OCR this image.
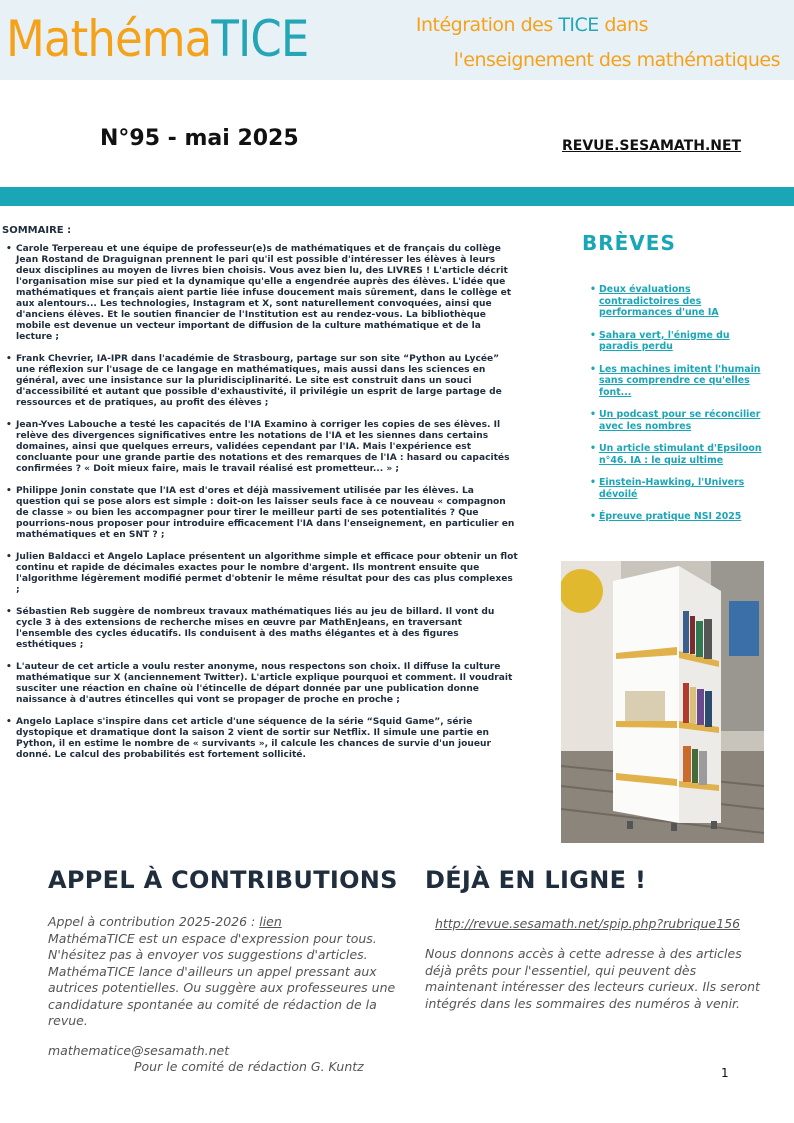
MathémaTICE	Intégration des TICE dans
l'enseignement des mathématiques
N°95 - mai 2025	REVUE.SESAMATH.NET
SOMMAIRE :
• Carole Terpereau et une équipe de professeur(e)s de mathématiques et de français du collège Jean Rostand de Draguignan prennent le pari qu'il est possible d'intéresser les élèves à leurs deux disciplines au moyen de livres bien choisis. Vous avez bien lu, des LIVRES ! L'article décrit l'organisation mise sur pied et la dynamique qu'elle a engendrée auprès des élèves. L'idée que mathématiques et français aient partie liée infuse doucement mais sûrement, dans le collège et aux alentours... Les technologies, Instagram et X, sont naturellement convoquées, ainsi que d'anciens élèves. Et le soutien financier de l'Institution est au rendez-vous. La bibliothèque mobile est devenue un vecteur important de diffusion de la culture mathématique et de la lecture ;
• Frank Chevrier, IA-IPR dans l'académie de Strasbourg, partage sur son site “Python au Lycée” une réflexion sur l'usage de ce langage en mathématiques, mais aussi dans les sciences en général, avec une insistance sur la pluridisciplinarité. Le site est construit dans un souci d'accessibilité et autant que possible d'exhaustivité, il privilégie un esprit de large partage de ressources et de pratiques, au profit des élèves ;
• Jean-Yves Labouche a testé les capacités de l'IA Examino à corriger les copies de ses élèves. Il relève des divergences significatives entre les notations de l'IA et les siennes dans certains domaines, ainsi que quelques erreurs, validées cependant par l'IA. Mais l'expérience est concluante pour une grande partie des notations et des remarques de l'IA : hasard ou capacités confirmées ? « Doit mieux faire, mais le travail réalisé est prometteur... » ;
• Philippe Jonin constate que l'IA est d'ores et déjà massivement utilisée par les élèves. La question qui se pose alors est simple : doit-on les laisser seuls face à ce nouveau « compagnon de classe » ou bien les accompagner pour tirer le meilleur parti de ses potentialités ? Que pourrions-nous proposer pour introduire efficacement l'IA dans l'enseignement, en particulier en mathématiques et en SNT ? ;
• Julien Baldacci et Angelo Laplace présentent un algorithme simple et efficace pour obtenir un flot continu et rapide de décimales exactes pour le nombre d'argent. Ils montrent ensuite que l'algorithme légèrement modifié permet d'obtenir le même résultat pour des cas plus complexes ;
• Sébastien Reb suggère de nombreux travaux mathématiques liés au jeu de billard. Il vont du cycle 3 à des extensions de recherche mises en œuvre par MathEnJeans, en traversant l'ensemble des cycles éducatifs. Ils conduisent à des maths élégantes et à des figures esthétiques ;
• L'auteur de cet article a voulu rester anonyme, nous respectons son choix. Il diffuse la culture mathématique sur X (anciennement Twitter). L'article explique pourquoi et comment. Il voudrait susciter une réaction en chaîne où l'étincelle de départ donnée par une publication donne naissance à d'autres étincelles qui vont se propager de proche en proche ;
• Angelo Laplace s'inspire dans cet article d'une séquence de la série “Squid Game”, série dystopique et dramatique dont la saison 2 vient de sortir sur Netflix. Il simule une partie en Python, il en estime le nombre de « survivants », il calcule les chances de survie d'un joueur donné. Le calcul des probabilités est fortement sollicité.
BRÈVES
• Deux évaluations contradictoires des performances d'une IA
• Sahara vert, l'énigme du paradis perdu
• Les machines imitent l'humain sans comprendre ce qu'elles font...
• Un podcast pour se réconcilier avec les nombres
• Un article stimulant d'Epsiloon n°46. IA : le quiz ultime
• Einstein-Hawking, l'Univers dévoilé
• Épreuve pratique NSI 2025
APPEL À CONTRIBUTIONS DÉJÀ EN LIGNE !

Appel à contribution 2025-2026 : lien

MathémaTICE est un espace d'expression pour tous. N'hésitez pas à envoyer vos suggestions d'articles. MathémaTICE lance d'ailleurs un appel pressant aux autrices potentielles. Ou suggère aux professeures une candidature spontanée au comité de rédaction de la revue.

mathematice@sesamath.net
Pour le comité de rédaction G. Kuntz
http://revue.sesamath.net/spip.php?rubrique156
Nous donnons accès à cette adresse à des articles déjà prêts pour l'essentiel, qui peuvent dès maintenant intéresser des lecteurs curieux. Ils seront intégrés dans les sommaires des numéros à venir.
1
